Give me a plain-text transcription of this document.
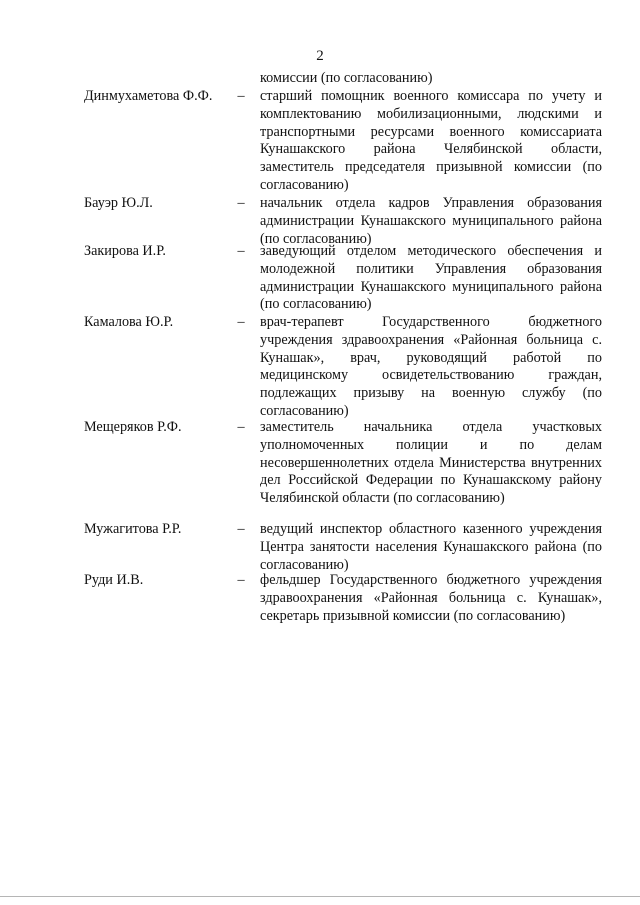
2
комиссии (по согласованию)
Динмухаметова Ф.Ф.	– старший помощник военного комиссара по учету и комплектованию мобилизационными, людскими и транспортными ресурсами военного комиссариата Кунашакского района Челябинской области, заместитель председателя призывной комиссии (по согласованию)
Бауэр Ю.Л.	– начальник отдела кадров Управления образования администрации Кунашакского муниципального района (по согласованию)
Закирова И.Р.	– заведующий отделом методического обеспечения и молодежной политики Управления образования администрации Кунашакского муниципального района (по согласованию)
Камалова Ю.Р.	– врач-терапевт Государственного бюджетного учреждения здравоохранения «Районная больница с. Кунашак», врач, руководящий работой по медицинскому освидетельствованию граждан, подлежащих призыву на военную службу (по согласованию)
Мещеряков Р.Ф.	– заместитель начальника отдела участковых уполномоченных полиции и по делам несовершеннолетних отдела Министерства внутренних дел Российской Федерации по Кунашакскому району Челябинской области (по согласованию)
Мужагитова Р.Р.	– ведущий инспектор областного казенного учреждения Центра занятости населения Кунашакского района (по согласованию)
Руди И.В.	– фельдшер Государственного бюджетного учреждения здравоохранения «Районная больница с. Кунашак», секретарь призывной комиссии (по согласованию)
